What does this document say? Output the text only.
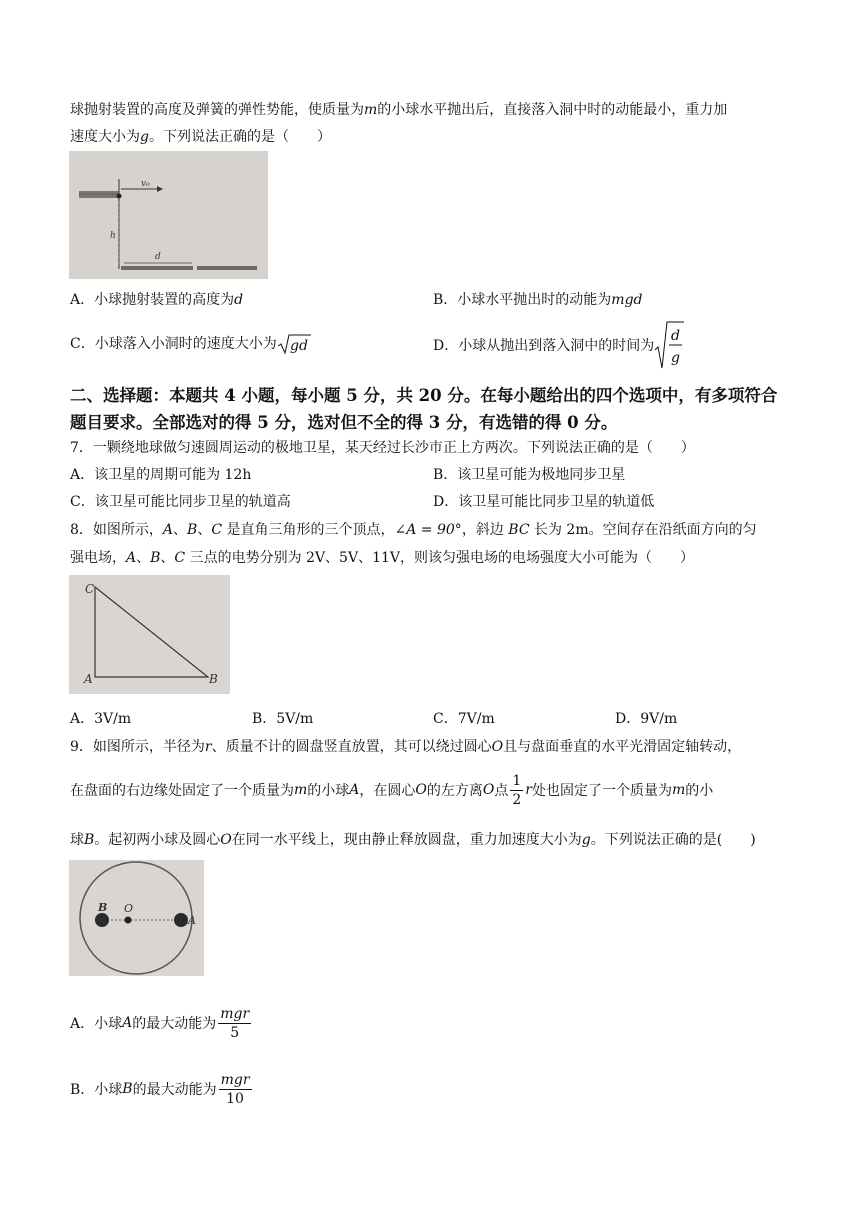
球抛射装置的高度及弹簧的弹性势能，使质量为m的小球水平抛出后，直接落入洞中时的动能最小，重力加
速度大小为g。下列说法正确的是（　　）
v₀
h
d
A．小球抛射装置的高度为d	B．小球水平抛出时的动能为mgd
C．小球落入小洞时的速度大小为 gd	D．小球从抛出到落入洞中的时间为
d
g
二、选择题：本题共 4 小题，每小题 5 分，共 20 分。在每小题给出的四个选项中，有多项符合
题目要求。全部选对的得 5 分，选对但不全的得 3 分，有选错的得 0 分。
7．一颗绕地球做匀速圆周运动的极地卫星，某天经过长沙市正上方两次。下列说法正确的是（　　）
A．该卫星的周期可能为 12h	B．该卫星可能为极地同步卫星
C．该卫星可能比同步卫星的轨道高	D．该卫星可能比同步卫星的轨道低
8．如图所示，A、B、C 是直角三角形的三个顶点，∠A = 90°，斜边 BC 长为 2m。空间存在沿纸面方向的匀
强电场，A、B、C 三点的电势分别为 2V、5V、11V，则该匀强电场的电场强度大小可能为（　　）
C
A	B
A．3V/m	B．5V/m	C．7V/m	D．9V/m
9．如图所示，半径为r、质量不计的圆盘竖直放置，其可以绕过圆心O且与盘面垂直的水平光滑固定轴转动，
在盘面的右边缘处固定了一个质量为 m 的小球 A ，在圆心 O 的左方离 O 点 $\frac{1}{2}$ r 处也固定了一个质量为 m 的小
球B。起初两小球及圆心O在同一水平线上，现由静止释放圆盘，重力加速度大小为g。下列说法正确的是(　　)
B O
A
A．小球 A 的最大动能为 $\frac{\text{mgr}}{5}$
B．小球 B 的最大动能为 $\frac{\text{mgr}}{10}$
